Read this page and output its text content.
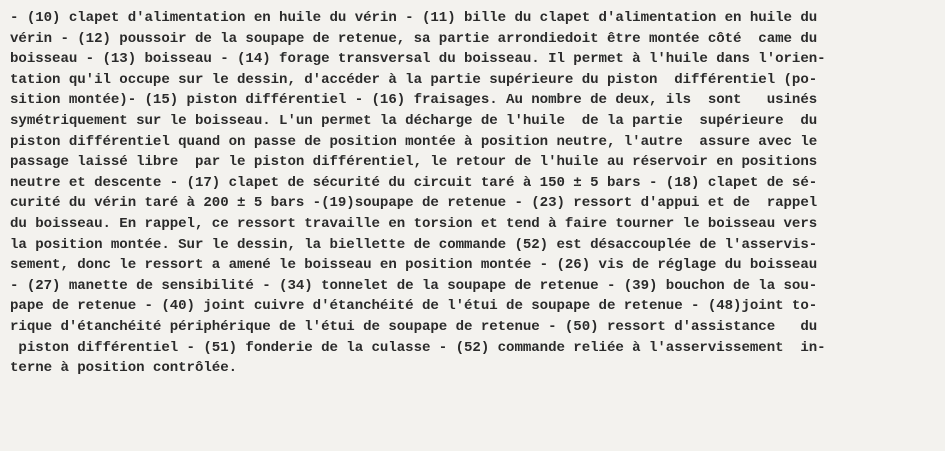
- (10) clapet d'alimentation en huile du vérin - (11) bille du clapet d'alimentation en huile du
vérin - (12) poussoir de la soupape de retenue, sa partie arrondiedoit être montée côté  came du
boisseau - (13) boisseau - (14) forage transversal du boisseau. Il permet à l'huile dans l'orien-
tation qu'il occupe sur le dessin, d'accéder à la partie supérieure du piston  différentiel (po-
sition montée)- (15) piston différentiel - (16) fraisages. Au nombre de deux, ils  sont   usinés
symétriquement sur le boisseau. L'un permet la décharge de l'huile  de la partie  supérieure  du
piston différentiel quand on passe de position montée à position neutre, l'autre  assure avec le
passage laissé libre  par le piston différentiel, le retour de l'huile au réservoir en positions
neutre et descente - (17) clapet de sécurité du circuit taré à 150 ± 5 bars - (18) clapet de sé-
curité du vérin taré à 200 ± 5 bars -(19)soupape de retenue - (23) ressort d'appui et de  rappel
du boisseau. En rappel, ce ressort travaille en torsion et tend à faire tourner le boisseau vers
la position montée. Sur le dessin, la biellette de commande (52) est désaccouplée de l'asservis-
sement, donc le ressort a amené le boisseau en position montée - (26) vis de réglage du boisseau
- (27) manette de sensibilité - (34) tonnelet de la soupape de retenue - (39) bouchon de la sou-
pape de retenue - (40) joint cuivre d'étanchéité de l'étui de soupape de retenue - (48)joint to-
rique d'étanchéité périphérique de l'étui de soupape de retenue - (50) ressort d'assistance   du
piston différentiel - (51) fonderie de la culasse - (52) commande reliée à l'asservissement  in-
terne à position contrôlée.
